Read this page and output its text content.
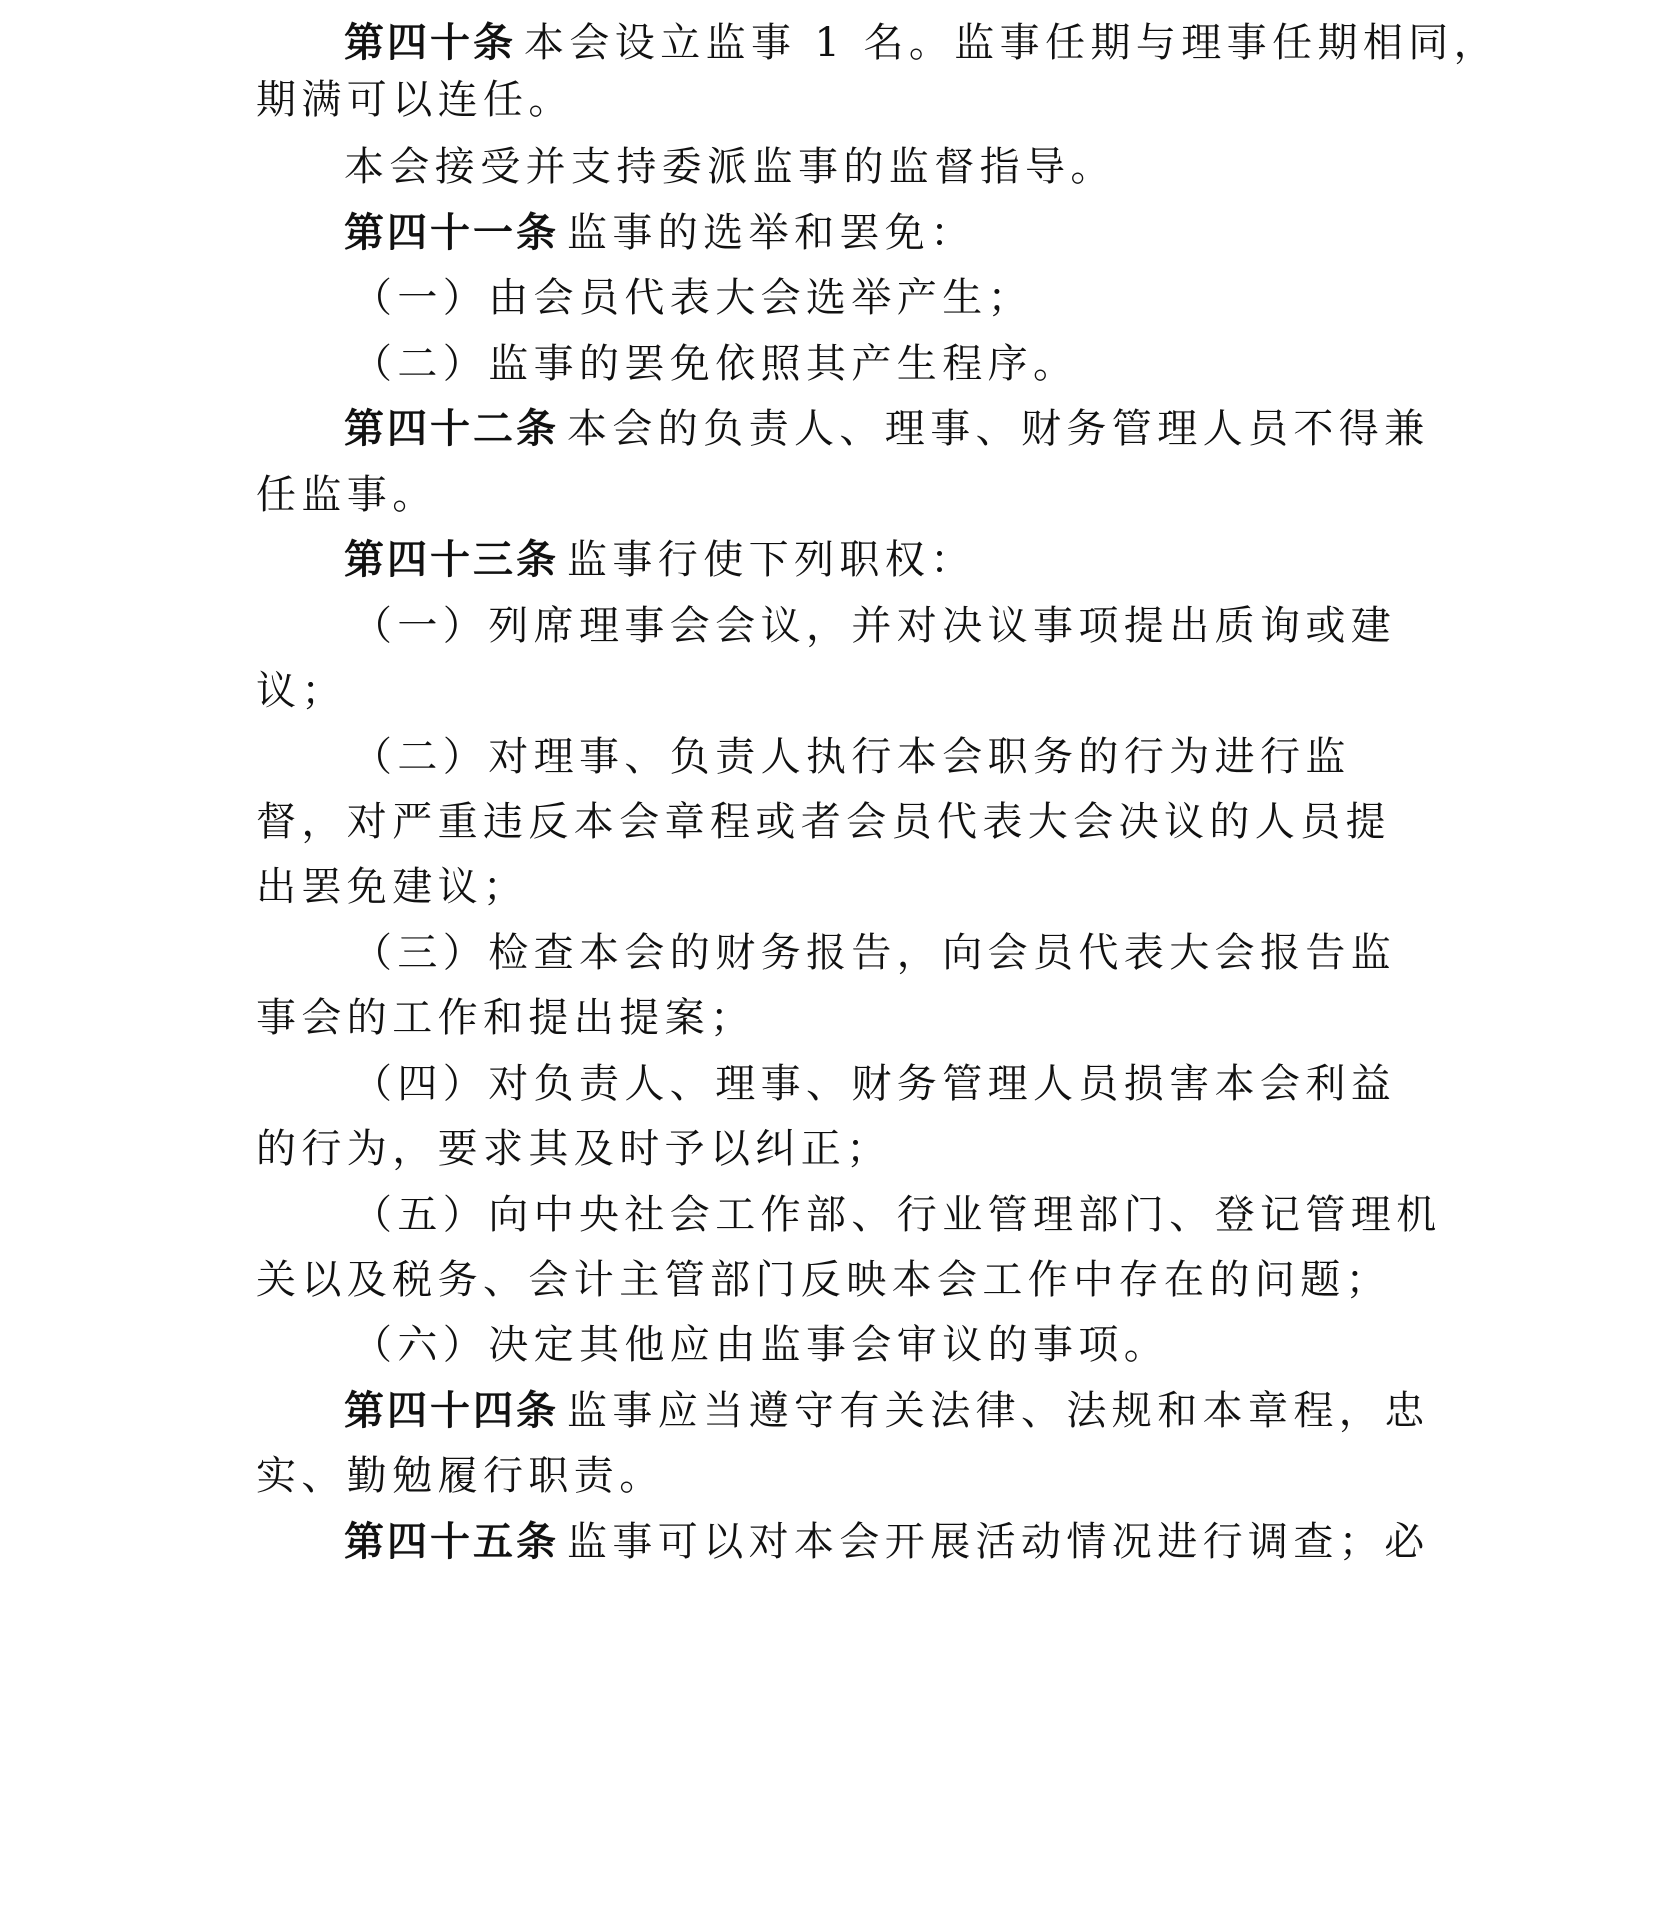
第四十条 本会设立监事 1 名。监事任期与理事任期相同，
期满可以连任。
本会接受并支持委派监事的监督指导。
第四十一条 监事的选举和罢免：
（一）由会员代表大会选举产生；
（二）监事的罢免依照其产生程序。
第四十二条 本会的负责人、理事、财务管理人员不得兼
任监事。
第四十三条 监事行使下列职权：
（一）列席理事会会议，并对决议事项提出质询或建
议；
（二）对理事、负责人执行本会职务的行为进行监
督，对严重违反本会章程或者会员代表大会决议的人员提
出罢免建议；
（三）检查本会的财务报告，向会员代表大会报告监
事会的工作和提出提案；
（四）对负责人、理事、财务管理人员损害本会利益
的行为，要求其及时予以纠正；
（五）向中央社会工作部、行业管理部门、登记管理机
关以及税务、会计主管部门反映本会工作中存在的问题；
（六）决定其他应由监事会审议的事项。
第四十四条 监事应当遵守有关法律、法规和本章程，忠
实、勤勉履行职责。
第四十五条 监事可以对本会开展活动情况进行调查；必
